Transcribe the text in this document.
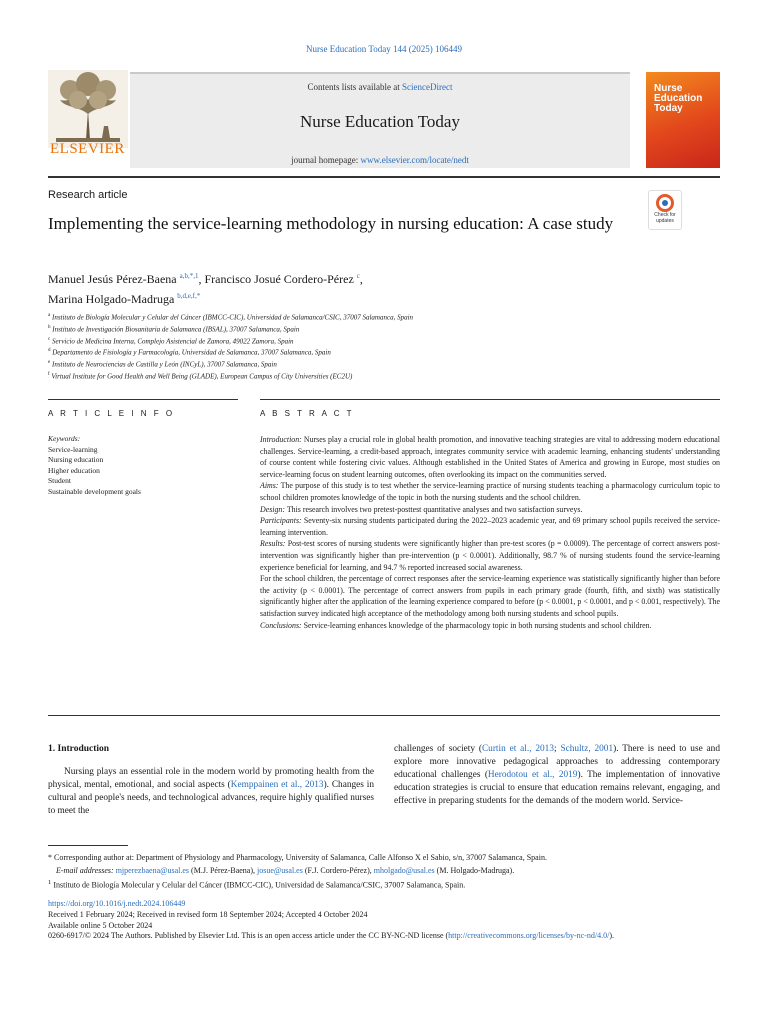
Nurse Education Today 144 (2025) 106449
ELSEVIER
Contents lists available at ScienceDirect
Nurse Education Today
journal homepage: www.elsevier.com/locate/nedt
Nurse
Education
Today
Research article
Implementing the service-learning methodology in nursing education: A case study	Check for
updates
Manuel Jesús Pérez-Baena $^{a,b,*,1}$, Francisco Josué Cordero-Pérez $^c$,
Marina Holgado-Madruga $^{b,d,e,f,*}$
$^a$ Instituto de Biología Molecular y Celular del Cáncer (IBMCC-CIC), Universidad de Salamanca/CSIC, 37007 Salamanca, Spain
$^b$ Instituto de Investigación Biosanitaria de Salamanca (IBSAL), 37007 Salamanca, Spain
$^c$ Servicio de Medicina Interna, Complejo Asistencial de Zamora, 49022 Zamora, Spain
$^d$ Departamento de Fisiología y Farmacología, Universidad de Salamanca, 37007 Salamanca, Spain
$^e$ Instituto de Neurociencias de Castilla y León (INCyL), 37007 Salamanca, Spain
$^f$ Virtual Institute for Good Health and Well Being (GLADE), European Campus of City Universities (EC2U)
A R T I C L E I N F O	A B S T R A C T
Keywords:
Service-learning
Nursing education
Higher education
Student
Sustainable development goals

Introduction: Nurses play a crucial role in global health promotion, and innovative teaching strategies are vital to addressing modern educational challenges. Service-learning, a credit-based approach, integrates community service with academic learning, enhancing students' understanding of course content while fostering civic values. Although established in the United States of America and growing in Europe, most studies on service-learning focus on student learning outcomes, often overlooking its impact on the communities served.

Aims: The purpose of this study is to test whether the service-learning practice of nursing students teaching a pharmacology curriculum topic to school children promotes knowledge of the topic in both the nursing students and the school children.

Design: This research involves two pretest-posttest quantitative analyses and two satisfaction surveys.

Participants: Seventy-six nursing students participated during the 2022–2023 academic year, and 69 primary school pupils received the service-learning intervention.

Results: Post-test scores of nursing students were significantly higher than pre-test scores (p = 0.0009). The percentage of correct answers post-intervention was significantly higher than pre-intervention (p < 0.0001). Additionally, 98.7 % of nursing students found the service-learning experience beneficial for learning, and 94.7 % reported increased social awareness.

For the school children, the percentage of correct responses after the service-learning experience was statistically significantly higher than before the activity (p < 0.0001). The percentage of correct answers from pupils in each primary grade (fourth, fifth, and sixth) was statistically significantly higher after the application of the learning experience compared to before (p < 0.0001, p < 0.0001, and p < 0.001, respectively). The satisfaction survey indicated high acceptance of the methodology among both nursing students and school pupils.

Conclusions: Service-learning enhances knowledge of the pharmacology topic in both nursing students and school children.

1. Introduction

Nursing plays an essential role in the modern world by promoting health from the physical, mental, emotional, and social aspects (Kemppainen et al., 2013). Changes in cultural and people's needs, and technological advances, require highly qualified nurses to meet the

challenges of society (Curtin et al., 2013; Schultz, 2001). There is need to use and explore more innovative pedagogical approaches to addressing contemporary educational challenges (Herodotou et al., 2019). The implementation of innovative education strategies is crucial to ensure that education remains relevant, engaging, and effective in preparing students for the demands of the modern world. Service-

* Corresponding author at: Department of Physiology and Pharmacology, University of Salamanca, Calle Alfonso X el Sabio, s/n, 37007 Salamanca, Spain.
E-mail addresses: mjperezbaena@usal.es (M.J. Pérez-Baena), josue@usal.es (F.J. Cordero-Pérez), mholgado@usal.es (M. Holgado-Madruga).
$^1$ Instituto de Biología Molecular y Celular del Cáncer (IBMCC-CIC), Universidad de Salamanca/CSIC, 37007 Salamanca, Spain.
https://doi.org/10.1016/j.nedt.2024.106449
Received 1 February 2024; Received in revised form 18 September 2024; Accepted 4 October 2024
Available online 5 October 2024
0260-6917/© 2024 The Authors. Published by Elsevier Ltd. This is an open access article under the CC BY-NC-ND license (http://creativecommons.org/licenses/by-nc-nd/4.0/).
